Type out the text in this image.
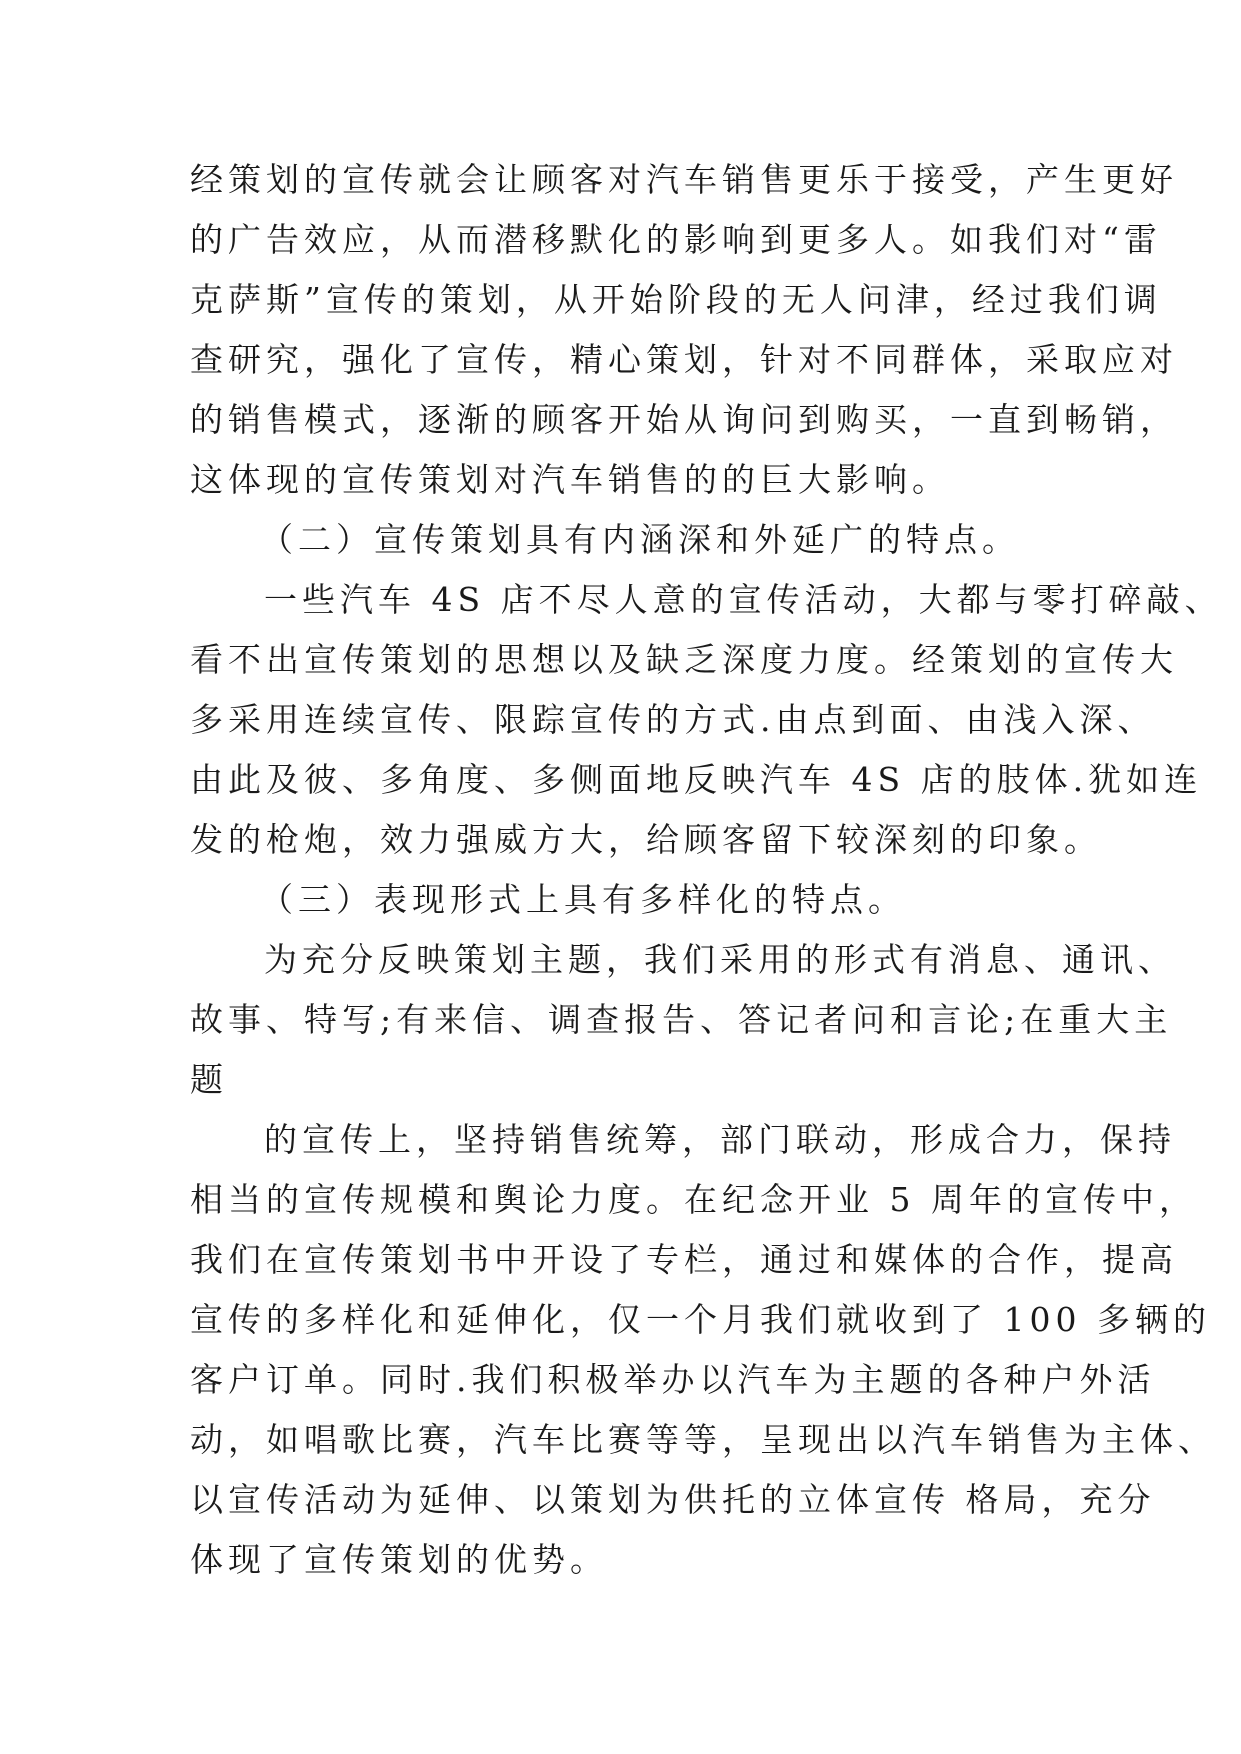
经策划的宣传就会让顾客对汽车销售更乐于接受，产生更好
的广告效应，从而潜移默化的影响到更多人。如我们对“雷
克萨斯”宣传的策划，从开始阶段的无人问津，经过我们调
查研究，强化了宣传，精心策划，针对不同群体，采取应对
的销售模式，逐渐的顾客开始从询问到购买，一直到畅销，
这体现的宣传策划对汽车销售的的巨大影响。
（二）宣传策划具有内涵深和外延广的特点。
一些汽车 4S 店不尽人意的宣传活动，大都与零打碎敲、
看不出宣传策划的思想以及缺乏深度力度。经策划的宣传大
多采用连续宣传、限踪宣传的方式.由点到面、由浅入深、
由此及彼、多角度、多侧面地反映汽车 4S 店的肢体.犹如连
发的枪炮，效力强威方大，给顾客留下较深刻的印象。
（三）表现形式上具有多样化的特点。
为充分反映策划主题，我们采用的形式有消息、通讯、
故事、特写;有来信、调查报告、答记者问和言论;在重大主
题
的宣传上，坚持销售统筹，部门联动，形成合力，保持
相当的宣传规模和舆论力度。在纪念开业 5 周年的宣传中，
我们在宣传策划书中开设了专栏，通过和媒体的合作，提高
宣传的多样化和延伸化，仅一个月我们就收到了 100 多辆的
客户订单。同时.我们积极举办以汽车为主题的各种户外活
动，如唱歌比赛，汽车比赛等等，呈现出以汽车销售为主体、
以宣传活动为延伸、以策划为供托的立体宣传 格局，充分
体现了宣传策划的优势。
